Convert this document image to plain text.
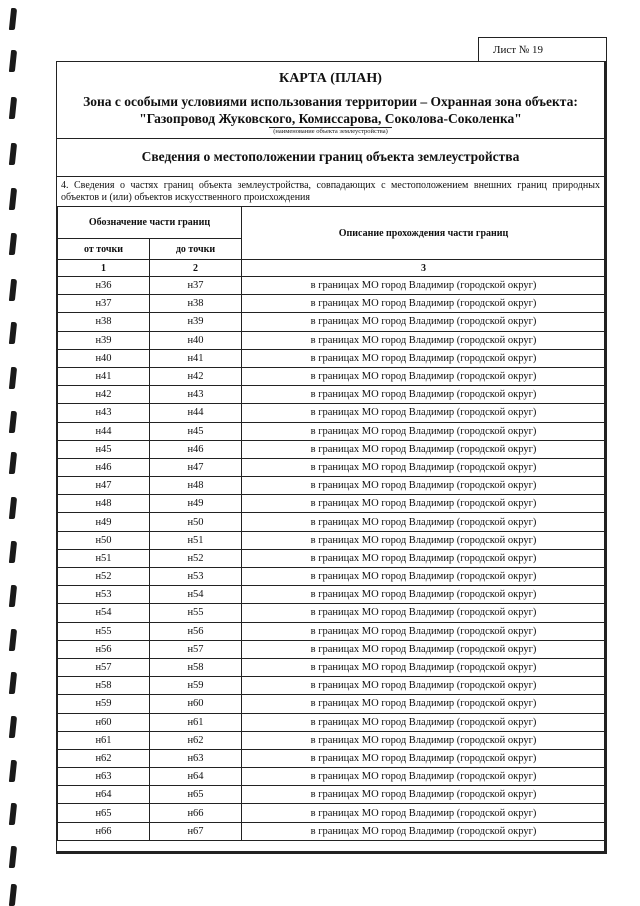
Лист № 19
КАРТА (ПЛАН)
Зона с особыми условиями использования территории – Охранная зона объекта:
"Газопровод Жуковского, Комиссарова, Соколова-Соколенка"
(наименование объекта землеустройства)
Сведения о местоположении границ объекта землеустройства
4. Сведения о частях границ объекта землеустройства, совпадающих с местоположением внешних границ природных объектов и (или) объектов искусственного происхождения
Обозначение части границ		Описание прохождения части границ
от точки	до точки	
1	2	3
н36	н37	в границах МО город Владимир (городской округ)
н37	н38	в границах МО город Владимир (городской округ)
н38	н39	в границах МО город Владимир (городской округ)
н39	н40	в границах МО город Владимир (городской округ)
н40	н41	в границах МО город Владимир (городской округ)
н41	н42	в границах МО город Владимир (городской округ)
н42	н43	в границах МО город Владимир (городской округ)
н43	н44	в границах МО город Владимир (городской округ)
н44	н45	в границах МО город Владимир (городской округ)
н45	н46	в границах МО город Владимир (городской округ)
н46	н47	в границах МО город Владимир (городской округ)
н47	н48	в границах МО город Владимир (городской округ)
н48	н49	в границах МО город Владимир (городской округ)
н49	н50	в границах МО город Владимир (городской округ)
н50	н51	в границах МО город Владимир (городской округ)
н51	н52	в границах МО город Владимир (городской округ)
н52	н53	в границах МО город Владимир (городской округ)
н53	н54	в границах МО город Владимир (городской округ)
н54	н55	в границах МО город Владимир (городской округ)
н55	н56	в границах МО город Владимир (городской округ)
н56	н57	в границах МО город Владимир (городской округ)
н57	н58	в границах МО город Владимир (городской округ)
н58	н59	в границах МО город Владимир (городской округ)
н59	н60	в границах МО город Владимир (городской округ)
н60	н61	в границах МО город Владимир (городской округ)
н61	н62	в границах МО город Владимир (городской округ)
н62	н63	в границах МО город Владимир (городской округ)
н63	н64	в границах МО город Владимир (городской округ)
н64	н65	в границах МО город Владимир (городской округ)
н65	н66	в границах МО город Владимир (городской округ)
н66	н67	в границах МО город Владимир (городской округ)
